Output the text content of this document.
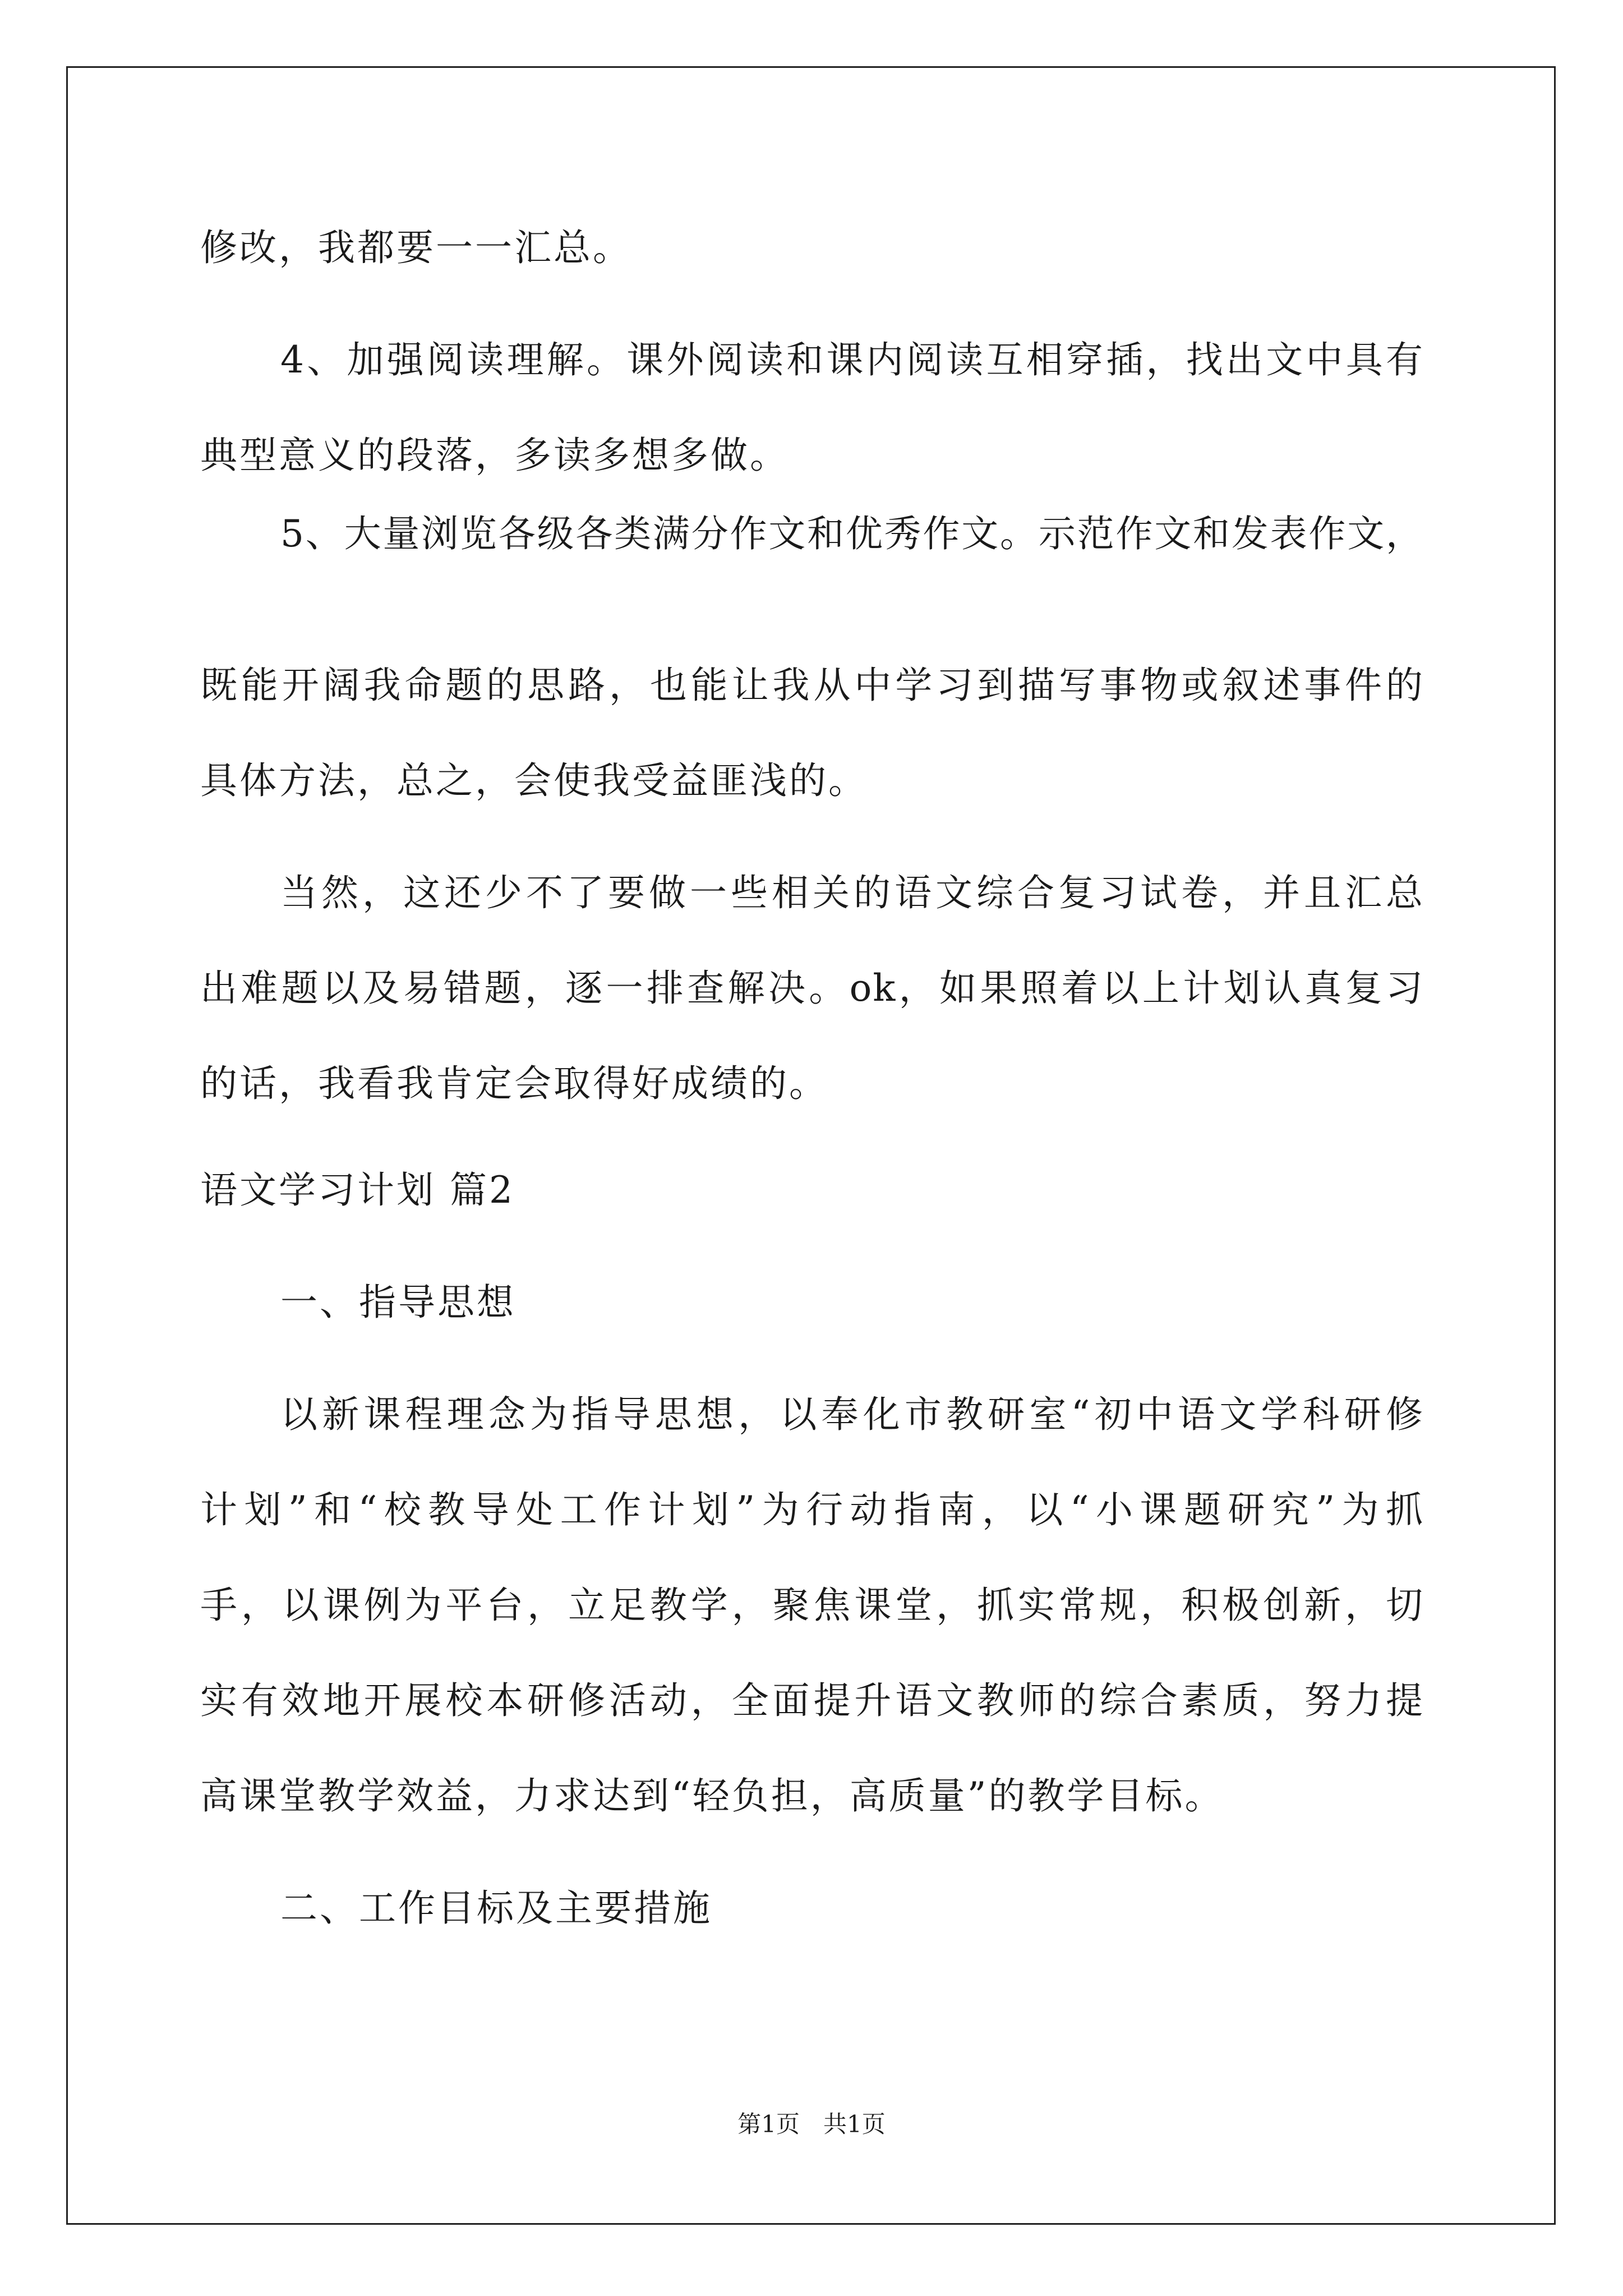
修改，我都要一一汇总。
4、加强阅读理解。课外阅读和课内阅读互相穿插，找出文中具有
典型意义的段落，多读多想多做。
5、大量浏览各级各类满分作文和优秀作文。示范作文和发表作文，
既能开阔我命题的思路，也能让我从中学习到描写事物或叙述事件的
具体方法，总之，会使我受益匪浅的。
当然，这还少不了要做一些相关的语文综合复习试卷，并且汇总
出难题以及易错题，逐一排查解决。ok，如果照着以上计划认真复习
的话，我看我肯定会取得好成绩的。
语文学习计划 篇2
一、指导思想
以新课程理念为指导思想，以奉化市教研室“初中语文学科研修
计划”和“校教导处工作计划”为行动指南，以“小课题研究”为抓
手，以课例为平台，立足教学，聚焦课堂，抓实常规，积极创新，切
实有效地开展校本研修活动，全面提升语文教师的综合素质，努力提
高课堂教学效益，力求达到“轻负担，高质量”的教学目标。
二、工作目标及主要措施
第1页　共1页
